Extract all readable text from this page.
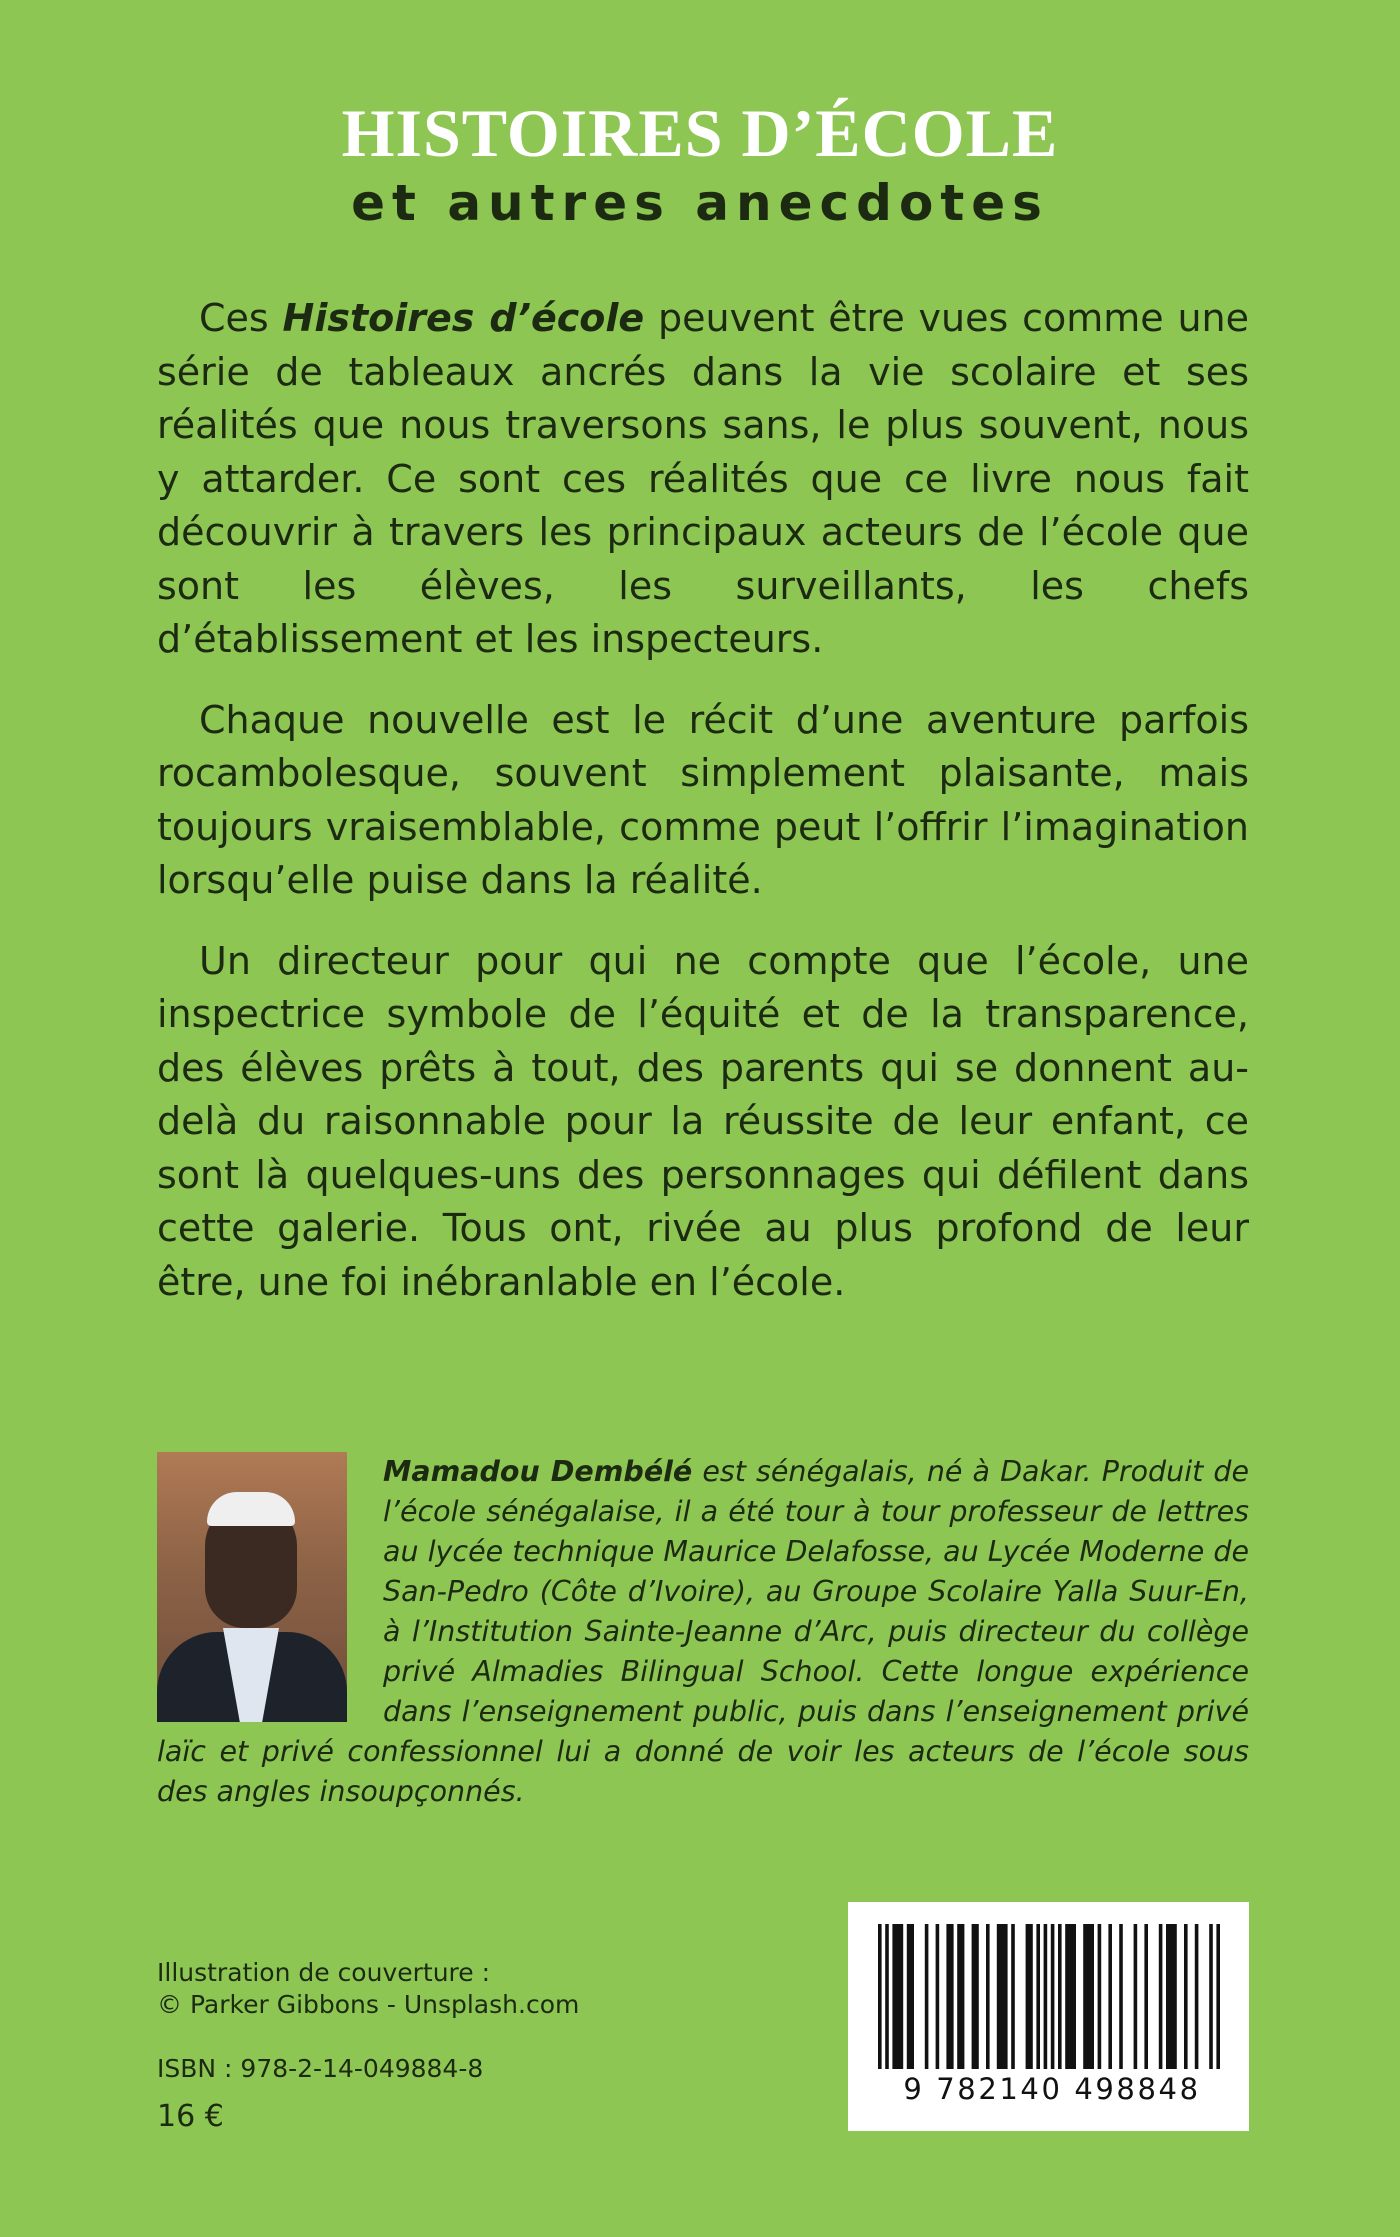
HISTOIRES D’ÉCOLE
et autres anecdotes

Ces Histoires d’école peuvent être vues comme une série de tableaux ancrés dans la vie scolaire et ses réalités que nous traversons sans, le plus souvent, nous y attarder. Ce sont ces réalités que ce livre nous fait découvrir à travers les principaux acteurs de l’école que sont les élèves, les surveillants, les chefs d’établissement et les inspecteurs.

Chaque nouvelle est le récit d’une aventure parfois rocambolesque, souvent simplement plaisante, mais toujours vraisemblable, comme peut l’offrir l’imagination lorsqu’elle puise dans la réalité.

Un directeur pour qui ne compte que l’école, une inspectrice symbole de l’équité et de la transparence, des élèves prêts à tout, des parents qui se donnent au-delà du raisonnable pour la réussite de leur enfant, ce sont là quelques-uns des personnages qui défilent dans cette galerie. Tous ont, rivée au plus profond de leur être, une foi inébranlable en l’école.

Mamadou Dembélé est sénégalais, né à Dakar. Produit de l’école sénégalaise, il a été tour à tour professeur de lettres au lycée technique Maurice Delafosse, au Lycée Moderne de San-Pedro (Côte d’Ivoire), au Groupe Scolaire Yalla Suur-En, à l’Institution Sainte-Jeanne d’Arc, puis directeur du collège privé Almadies Bilingual School. Cette longue expérience dans l’enseignement public, puis dans l’enseignement privé laïc et privé confessionnel lui a donné de voir les acteurs de l’école sous des angles insoupçonnés.
Illustration de couverture :
© Parker Gibbons - Unsplash.com
ISBN : 978-2-14-049884-8
16 €
9 782140 498848
